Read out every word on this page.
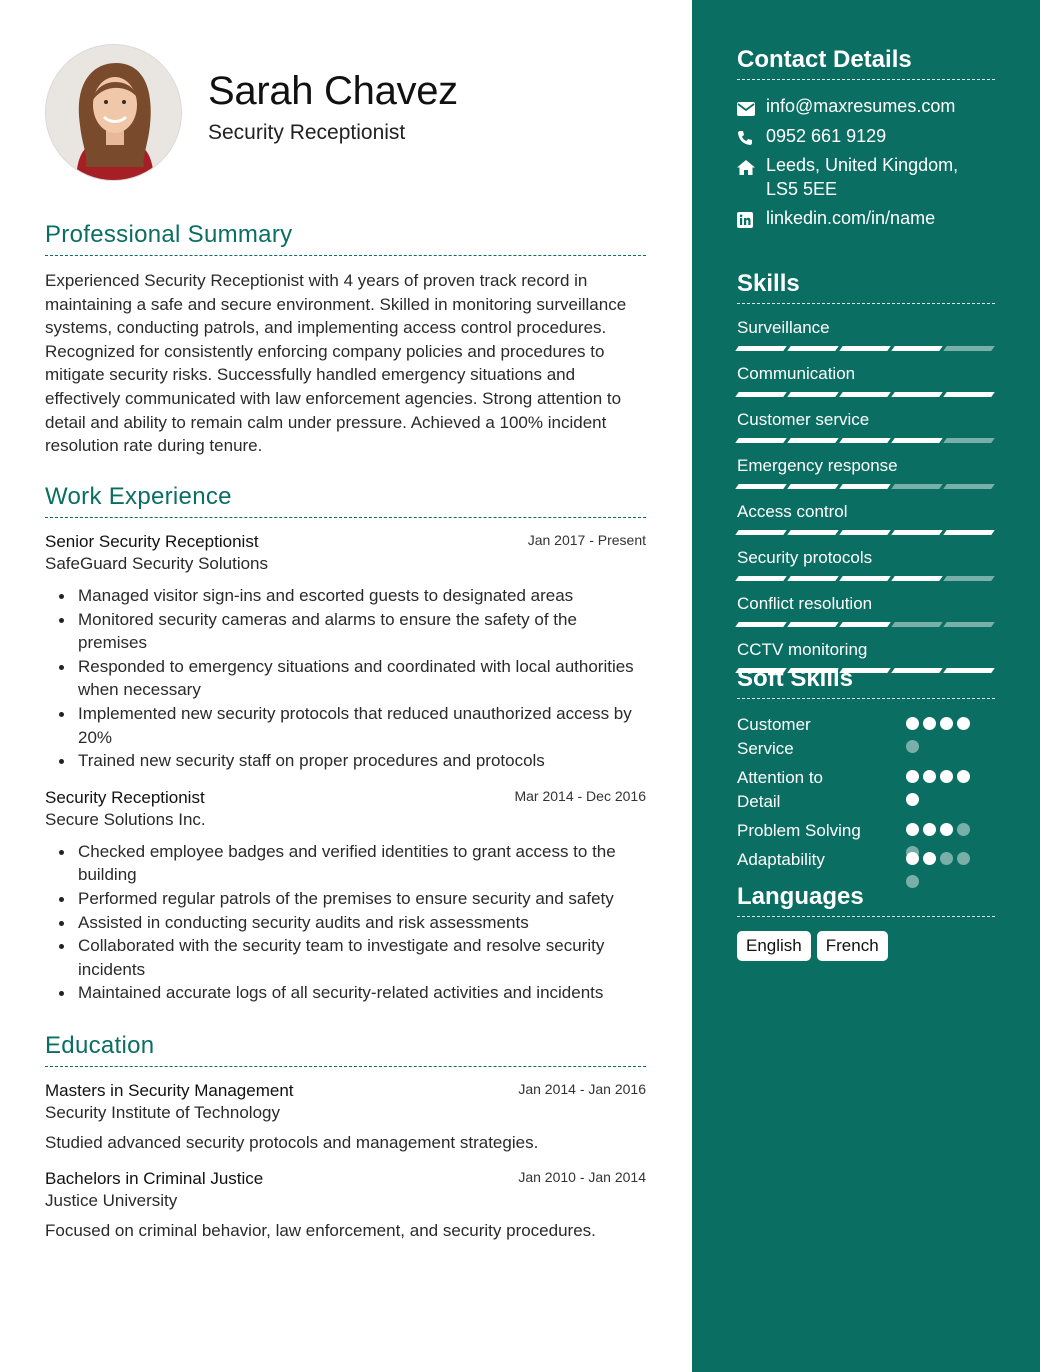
Sarah Chavez
Security Receptionist
Professional Summary
Experienced Security Receptionist with 4 years of proven track record in maintaining a safe and secure environment. Skilled in monitoring surveillance systems, conducting patrols, and implementing access control procedures. Recognized for consistently enforcing company policies and procedures to mitigate security risks. Successfully handled emergency situations and effectively communicated with law enforcement agencies. Strong attention to detail and ability to remain calm under pressure. Achieved a 100% incident resolution rate during tenure.
Work Experience
Senior Security Receptionist	Jan 2017 - Present
SafeGuard Security Solutions
Managed visitor sign-ins and escorted guests to designated areas
Monitored security cameras and alarms to ensure the safety of the premises
Responded to emergency situations and coordinated with local authorities when necessary
Implemented new security protocols that reduced unauthorized access by 20%
Trained new security staff on proper procedures and protocols
Security Receptionist	Mar 2014 - Dec 2016
Secure Solutions Inc.
Checked employee badges and verified identities to grant access to the building
Performed regular patrols of the premises to ensure security and safety
Assisted in conducting security audits and risk assessments
Collaborated with the security team to investigate and resolve security incidents
Maintained accurate logs of all security-related activities and incidents
Education
Masters in Security Management	Jan 2014 - Jan 2016
Security Institute of Technology
Studied advanced security protocols and management strategies.
Bachelors in Criminal Justice	Jan 2010 - Jan 2014
Justice University
Focused on criminal behavior, law enforcement, and security procedures.
Contact Details
info@maxresumes.com
0952 661 9129
Leeds, United Kingdom, LS5 5EE
linkedin.com/in/name
Skills
Surveillance
Communication
Customer service
Emergency response
Access control
Security protocols
Conflict resolution
CCTV monitoring
Soft Skills
Customer Service
Attention to Detail
Problem Solving
Adaptability
Languages
English	French
